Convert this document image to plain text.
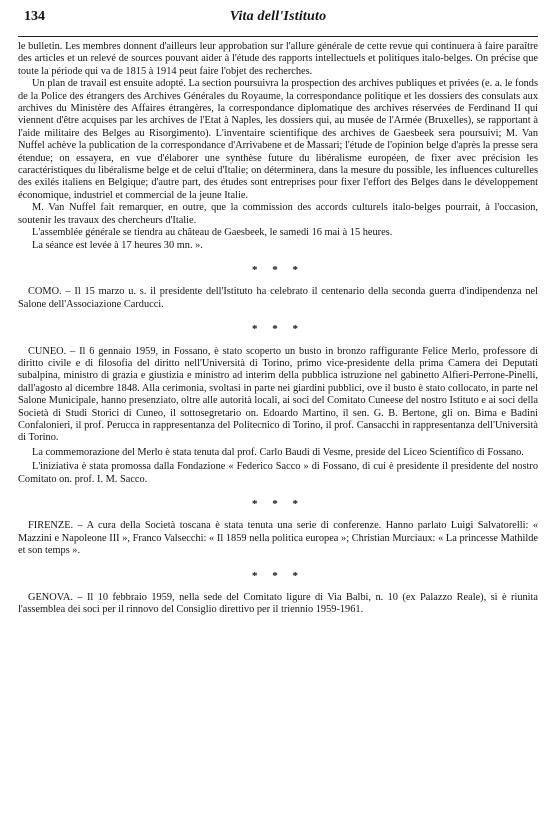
134	Vita dell'Istituto

le bulletin. Les membres donnent d'ailleurs leur approbation sur l'allure générale de cette revue qui continuera à faire paraître des articles et un relevé de sources pouvant aider à l'étude des rapports intellectuels et politiques italo-belges. On précise que toute la période qui va de 1815 à 1914 peut faire l'objet des recherches.

Un plan de travail est ensuite adopté. La section poursuivra la prospection des archives publiques et privées (e. a. le fonds de la Police des étrangers des Archives Générales du Royaume, la correspondance politique et les dossiers des consulats aux archives du Ministère des Affaires étrangères, la correspondance diplomatique des archives réservées de Ferdinand II qui viennent d'être acquises par les archives de l'Etat à Naples, les dossiers qui, au musée de l'Armée (Bruxelles), se rapportant à l'aide militaire des Belges au Risorgimento). L'inventaire scientifique des archives de Gaesbeek sera poursuivi; M. Van Nuffel achève la publication de la correspondance d'Arrivabene et de Massari; l'étude de l'opinion belge d'après la presse sera étendue; on essayera, en vue d'élaborer une synthèse future du libéralisme européen, de fixer avec précision les caractéristiques du libéralisme belge et de celui d'Italie; on déterminera, dans la mesure du possible, les influences culturelles des exilés italiens en Belgique; d'autre part, des études sont entreprises pour fixer l'effort des Belges dans le développement économique, industriel et commercial de la jeune Italie.

M. Van Nuffel fait remarquer, en outre, que la commission des accords culturels italo-belges pourrait, à l'occasion, soutenir les travaux des chercheurs d'Italie.

L'assemblée générale se tiendra au château de Gaesbeek, le samedi 16 mai à 15 heures.

La séance est levée à 17 heures 30 mn. ».

* * *

COMO. – Il 15 marzo u. s. il presidente dell'Istituto ha celebrato il centenario della seconda guerra d'indipendenza nel Salone dell'Associazione Carducci.

* * *

CUNEO. – Il 6 gennaio 1959, in Fossano, è stato scoperto un busto in bronzo raffigurante Felice Merlo, professore di diritto civile e di filosofia del diritto nell'Università di Torino, primo vice-presidente della prima Camera dei Deputati subalpina, ministro di grazia e giustizia e ministro ad interim della pubblica istruzione nel gabinetto Alfieri-Perrone-Pinelli, dall'agosto al dicembre 1848. Alla cerimonia, svoltasi in parte nei giardini pubblici, ove il busto è stato collocato, in parte nel Salone Municipale, hanno presenziato, oltre alle autorità locali, ai soci del Comitato Cuneese del nostro Istituto e ai soci della Società di Studi Storici di Cuneo, il sottosegretario on. Edoardo Martino, il sen. G. B. Bertone, gli on. Bima e Badini Confalonieri, il prof. Perucca in rappresentanza del Politecnico di Torino, il prof. Cansacchi in rappresentanza dell'Università di Torino.

La commemorazione del Merlo è stata tenuta dal prof. Carlo Baudi di Vesme, preside del Liceo Scientifico di Fossano.

L'iniziativa è stata promossa dalla Fondazione « Federico Sacco » di Fossano, di cui è presidente il presidente del nostro Comitato on. prof. I. M. Sacco.

* * *

FIRENZE. – A cura della Società toscana è stata tenuta una serie di conferenze. Hanno parlato Luigi Salvatorelli: « Mazzini e Napoleone III », Franco Valsecchi: « Il 1859 nella politica europea »; Christian Murciaux: « La princesse Mathilde et son temps ».

* * *

GENOVA. – Il 10 febbraio 1959, nella sede del Comitato ligure di Via Balbi, n. 10 (ex Palazzo Reale), si è riunita l'assemblea dei soci per il rinnovo del Consiglio direttivo per il triennio 1959-1961.
